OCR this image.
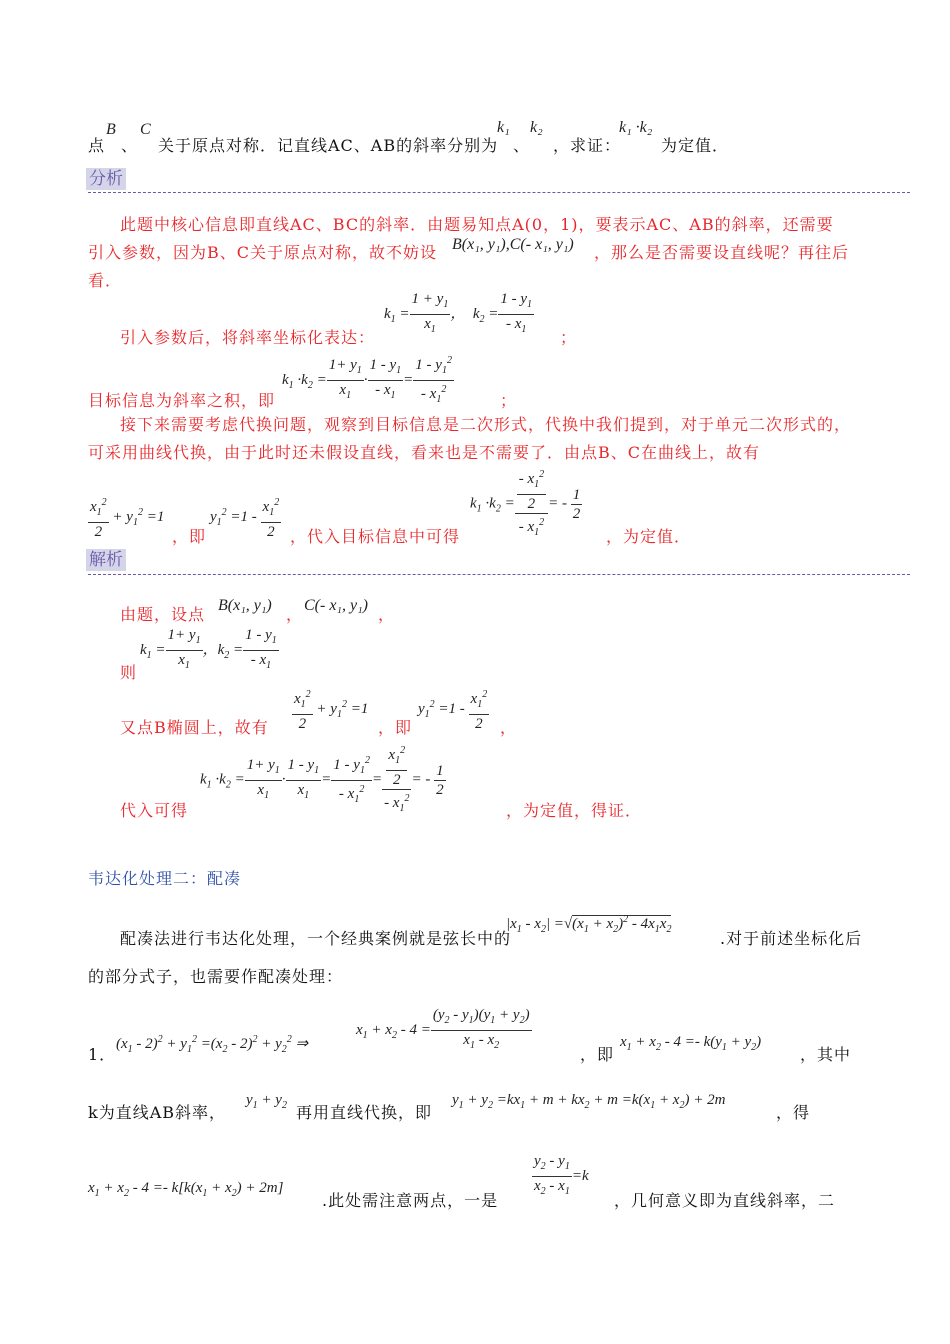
点
B
、
C
关于原点对称．记直线AC、AB的斜率分别为
k₁
、
k₂
，求证：
k₁ ·k₂
为定值．
分析
此题中核心信息即直线AC、BC的斜率．由题易知点A(0，1)，要表示AC、AB的斜率，还需要
引入参数，因为B、C关于原点对称，故不妨设 B(x₁, y₁),C(- x₁, y₁) ，那么是否需要设直线呢？再往后
看．
$k_1 = \frac{1 + y_1}{x_1}$ ，  $k_2 = \frac{1 - y_1}{- x_1}$
引入参数后，将斜率坐标化表达：	；
$k_1 \cdot k_2 = \frac{1+ y_1}{x_1} \cdot \frac{1 - y_1}{- x_1} = \frac{1 - y_1^2}{- x_1^2}$
目标信息为斜率之积，即	；
接下来需要考虑代换问题，观察到目标信息是二次形式，代换中我们提到，对于单元二次形式的，
可采用曲线代换，由于此时还未假设直线，看来也是不需要了．由点B、C在曲线上，故有
$\frac{x_1^2}{2} + y_1^2 =1$
，即
$y_1^2 =1 - \frac{x_1^2}{2}$ ，代入目标信息中可得
$k_1 \cdot k_2 = \frac{\frac{- x_1^2}{2}}{- x_1^2}$ = - $\frac{1}{2}$
，为定值．
解析
由题，设点 B(x₁, y₁) ， C(- x₁, y₁) ，
$k_1 = \frac{1+ y_1}{x_1}$ ，$k_2 = \frac{1 - y_1}{- x_1}$
则
$\frac{x_1^2}{2} + y_1^2 =1$
又点B椭圆上，故有	，即
$y_1^2 =1 - \frac{x_1^2}{2}$ ，
$k_1 \cdot k_2 = \frac{1+ y_1}{x_1} \cdot \frac{1 - y_1}{x_1} = \frac{1 - y_1^2}{- x_1^2} = \frac{\frac{x_1^2}{2}}{- x_1^2}$ = - $\frac{1}{2}$
代入可得	，为定值，得证．
韦达化处理二：配凑
配凑法进行韦达化处理，一个经典案例就是弦长中的
$|x_1 - x_2| =√(x_1 + x_2)^2 - 4x_1x_2$	.对于前述坐标化后
的部分式子，也需要作配凑处理：
1．
$(x_1 - 2)^2 + y_1^2 =(x_2 - 2)^2 + y_2^2$ ⇒
$x_1 + x_2 - 4 = \frac{(y_2 - y_1)(y_1 + y_2)}{x_1 - x_2}$	，即
$x_1 + x_2 - 4 =- k(y_1 + y_2)$
，其中
k为直线AB斜率，
$y_1 + y_2$ 再用直线代换，即
$y_1 + y_2 =kx_1 + m + kx_2 + m =k(x_1 + x_2) + 2m$
，得
$x_1 + x_2 - 4 =- k[k(x_1 + x_2) + 2m]$
.此处需注意两点，一是 $\frac{y_2 - y_1}{x_2 - x_1} =k$
，几何意义即为直线斜率，二
